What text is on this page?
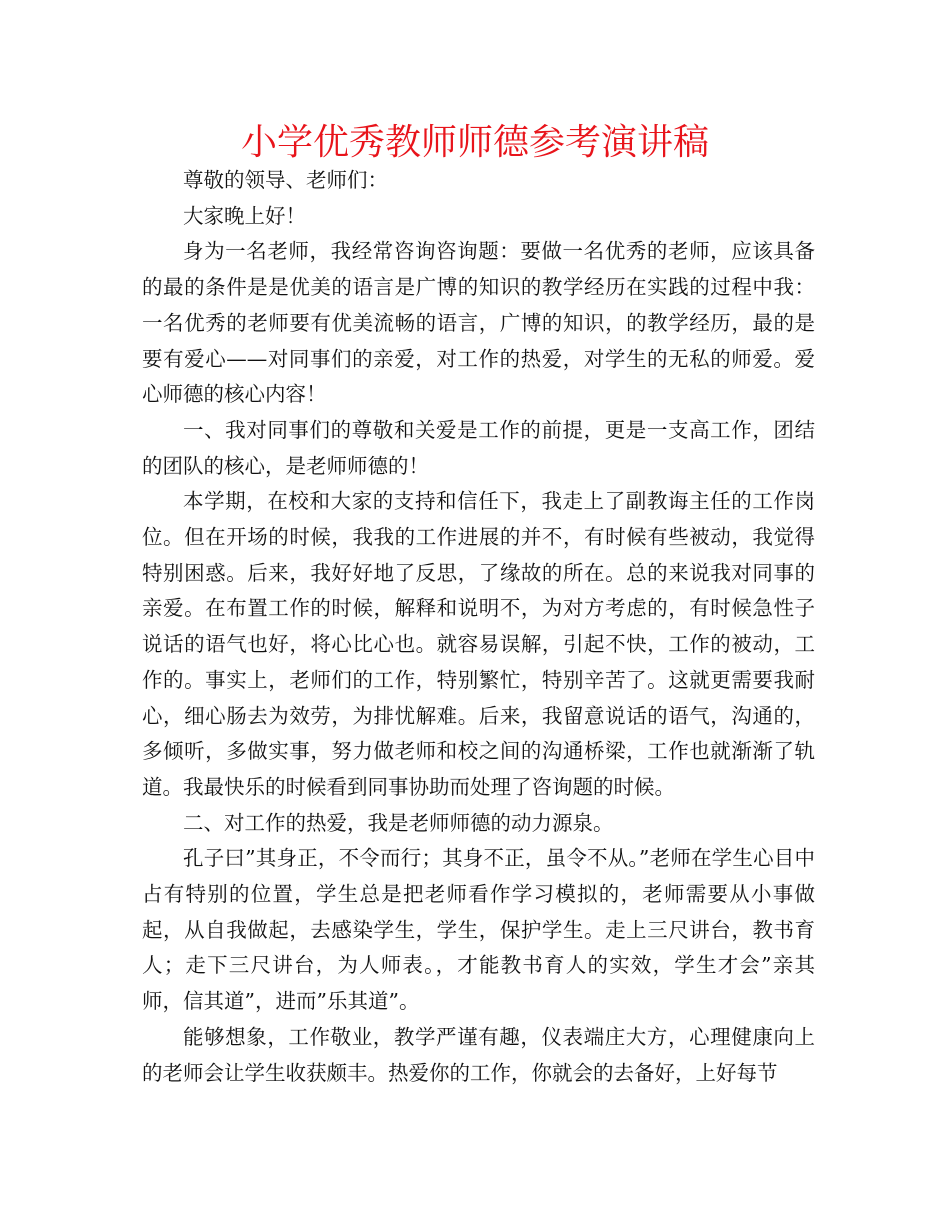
小学优秀教师师德参考演讲稿

尊敬的领导、老师们：

大家晚上好！

身为一名老师，我经常咨询咨询题：要做一名优秀的老师，应该具备的最的条件是是优美的语言是广博的知识的教学经历在实践的过程中我：一名优秀的老师要有优美流畅的语言，广博的知识，的教学经历，最的是要有爱心——对同事们的亲爱，对工作的热爱，对学生的无私的师爱。爱心师德的核心内容！

一、我对同事们的尊敬和关爱是工作的前提，更是一支高工作，团结的团队的核心，是老师师德的！

本学期，在校和大家的支持和信任下，我走上了副教诲主任的工作岗位。但在开场的时候，我我的工作进展的并不，有时候有些被动，我觉得特别困惑。后来，我好好地了反思，了缘故的所在。总的来说我对同事的亲爱。在布置工作的时候，解释和说明不，为对方考虑的，有时候急性子说话的语气也好，将心比心也。就容易误解，引起不快，工作的被动，工作的。事实上，老师们的工作，特别繁忙，特别辛苦了。这就更需要我耐心，细心肠去为效劳，为排忧解难。后来，我留意说话的语气，沟通的，多倾听，多做实事，努力做老师和校之间的沟通桥梁，工作也就渐渐了轨道。我最快乐的时候看到同事协助而处理了咨询题的时候。

二、对工作的热爱，我是老师师德的动力源泉。

孔子曰”其身正，不令而行；其身不正，虽令不从。”老师在学生心目中占有特别的位置，学生总是把老师看作学习模拟的，老师需要从小事做起，从自我做起，去感染学生，学生，保护学生。走上三尺讲台，教书育人；走下三尺讲台，为人师表。，才能教书育人的实效，学生才会”亲其师，信其道”，进而”乐其道”。

能够想象，工作敬业，教学严谨有趣，仪表端庄大方，心理健康向上的老师会让学生收获颇丰。热爱你的工作，你就会的去备好，上好每节
